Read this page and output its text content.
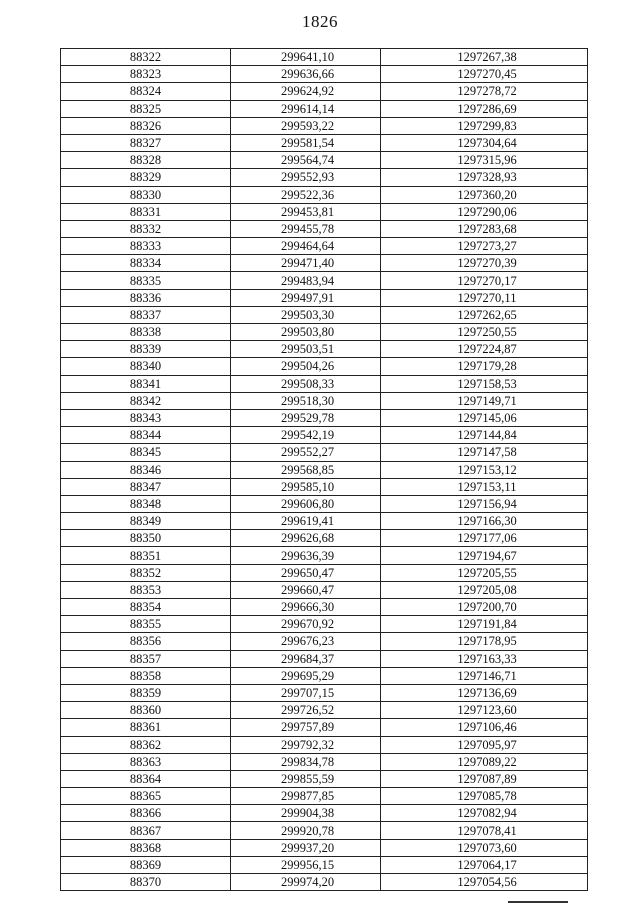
1826
88322	299641,10	1297267,38
88323	299636,66	1297270,45
88324	299624,92	1297278,72
88325	299614,14	1297286,69
88326	299593,22	1297299,83
88327	299581,54	1297304,64
88328	299564,74	1297315,96
88329	299552,93	1297328,93
88330	299522,36	1297360,20
88331	299453,81	1297290,06
88332	299455,78	1297283,68
88333	299464,64	1297273,27
88334	299471,40	1297270,39
88335	299483,94	1297270,17
88336	299497,91	1297270,11
88337	299503,30	1297262,65
88338	299503,80	1297250,55
88339	299503,51	1297224,87
88340	299504,26	1297179,28
88341	299508,33	1297158,53
88342	299518,30	1297149,71
88343	299529,78	1297145,06
88344	299542,19	1297144,84
88345	299552,27	1297147,58
88346	299568,85	1297153,12
88347	299585,10	1297153,11
88348	299606,80	1297156,94
88349	299619,41	1297166,30
88350	299626,68	1297177,06
88351	299636,39	1297194,67
88352	299650,47	1297205,55
88353	299660,47	1297205,08
88354	299666,30	1297200,70
88355	299670,92	1297191,84
88356	299676,23	1297178,95
88357	299684,37	1297163,33
88358	299695,29	1297146,71
88359	299707,15	1297136,69
88360	299726,52	1297123,60
88361	299757,89	1297106,46
88362	299792,32	1297095,97
88363	299834,78	1297089,22
88364	299855,59	1297087,89
88365	299877,85	1297085,78
88366	299904,38	1297082,94
88367	299920,78	1297078,41
88368	299937,20	1297073,60
88369	299956,15	1297064,17
88370	299974,20	1297054,56
